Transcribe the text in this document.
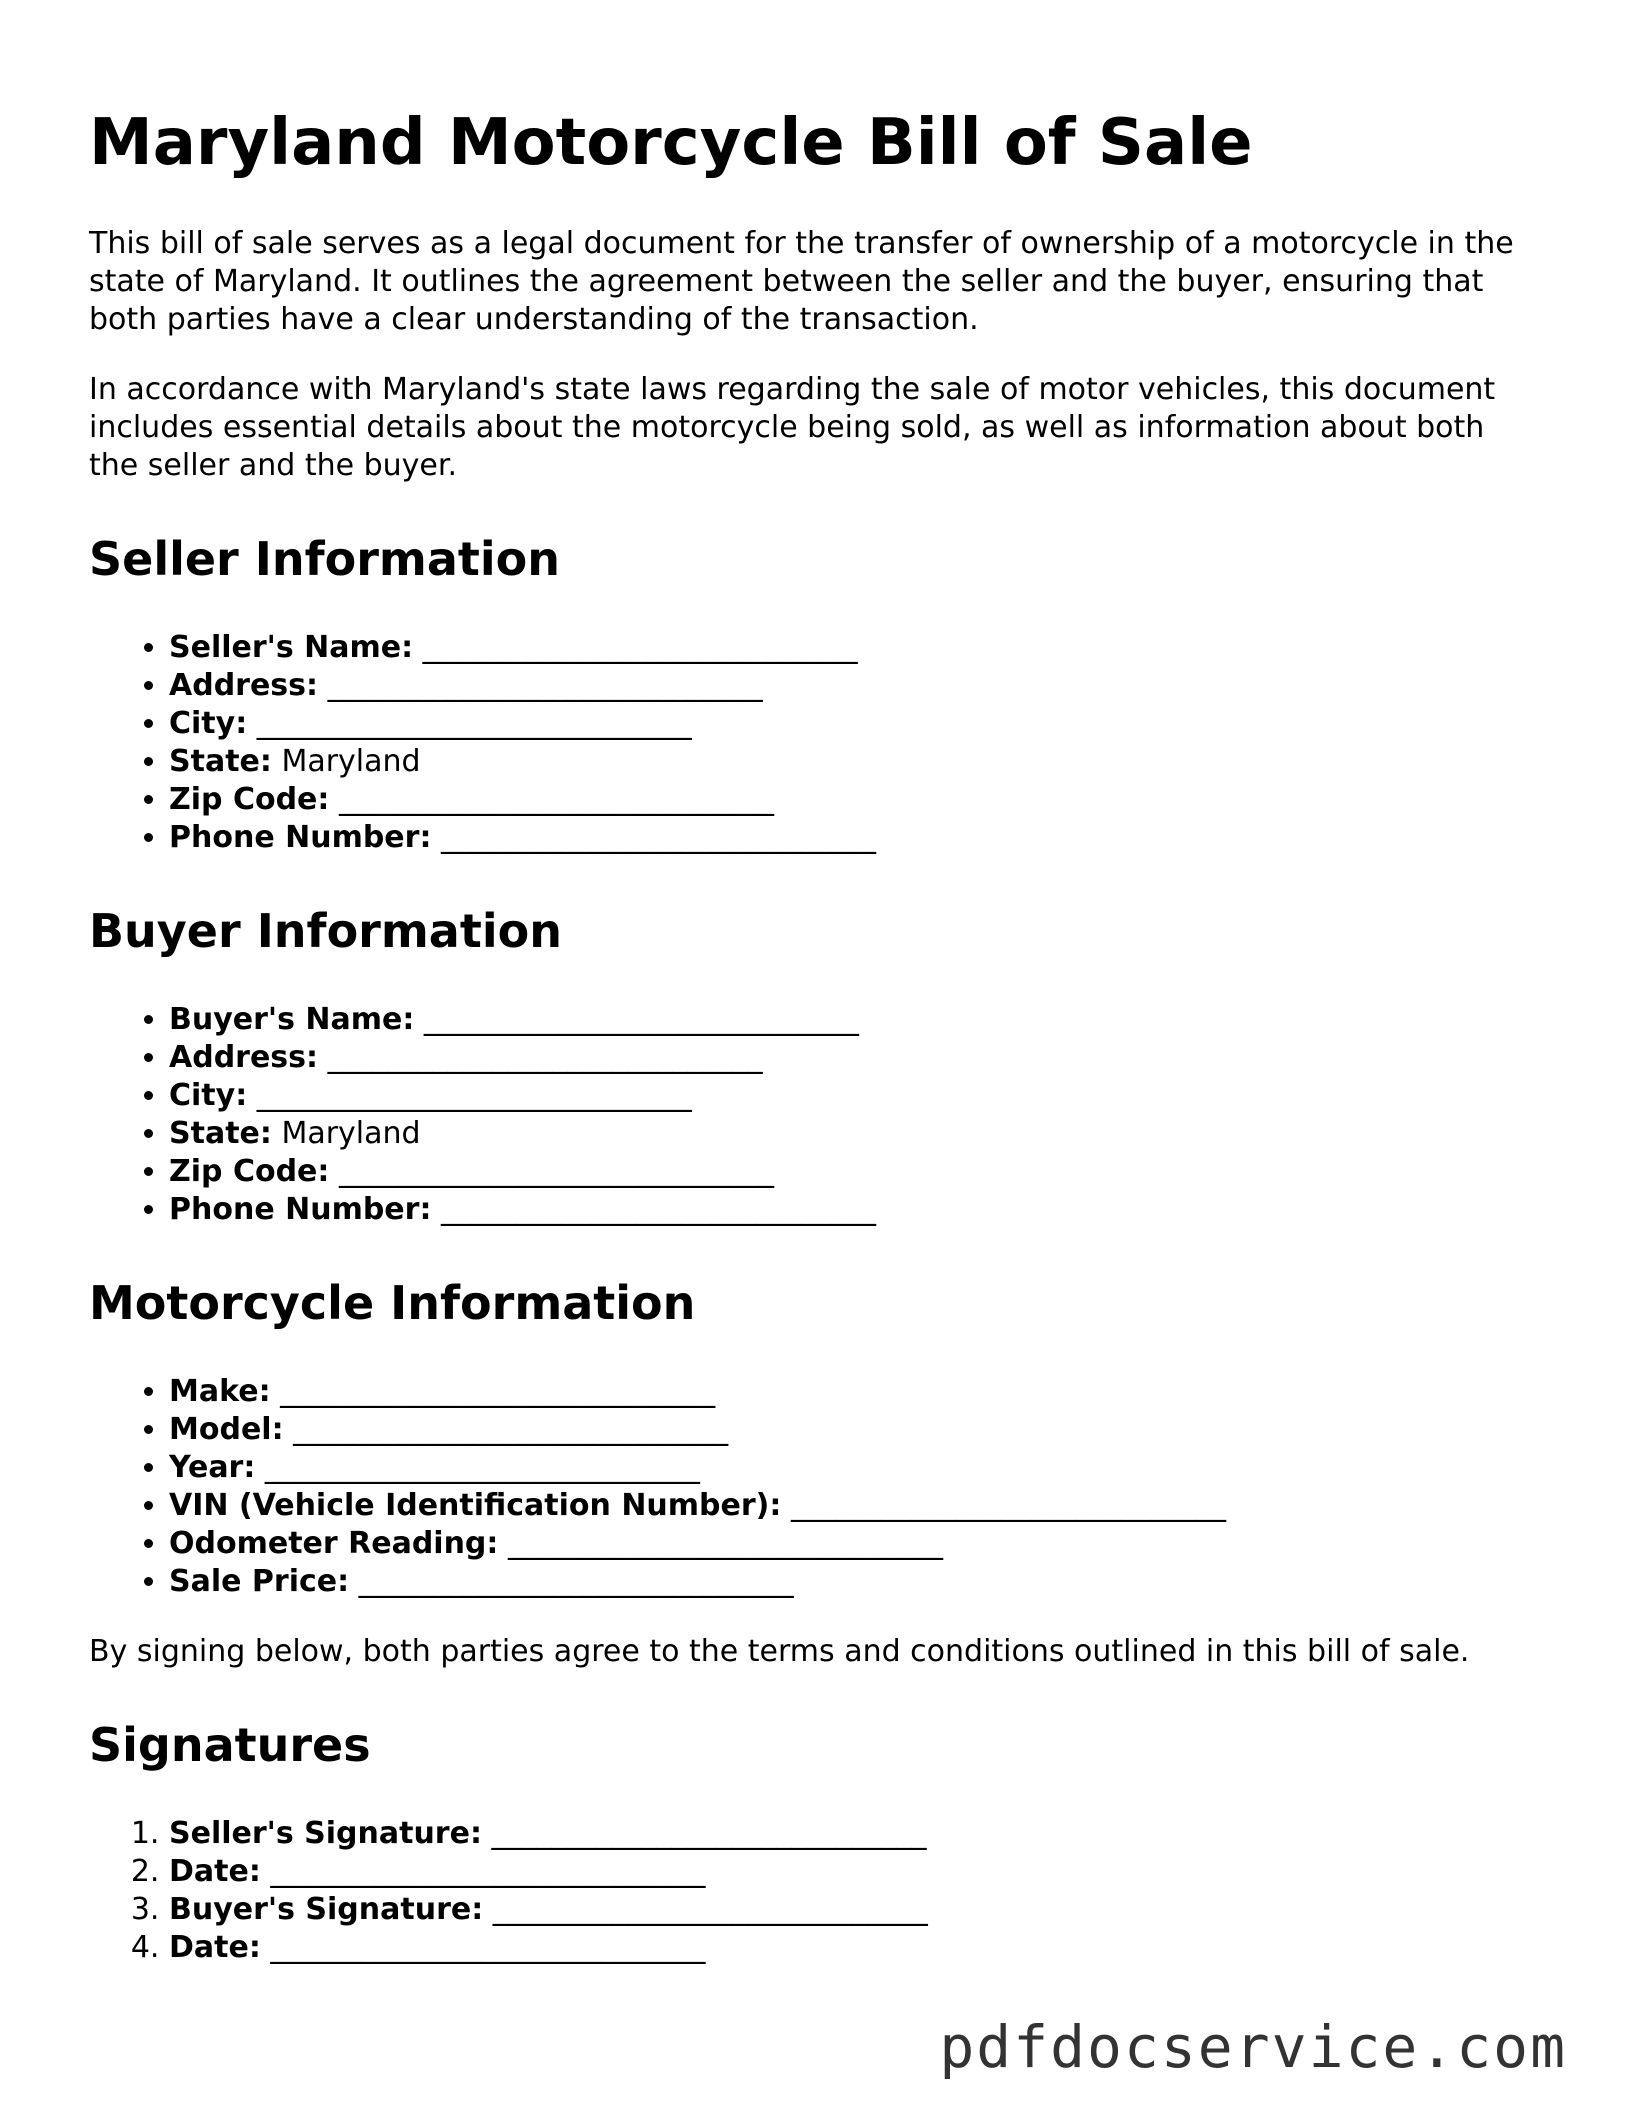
Maryland Motorcycle Bill of Sale

This bill of sale serves as a legal document for the transfer of ownership of a motorcycle in the state of Maryland. It outlines the agreement between the seller and the buyer, ensuring that both parties have a clear understanding of the transaction.

In accordance with Maryland's state laws regarding the sale of motor vehicles, this document includes essential details about the motorcycle being sold, as well as information about both the seller and the buyer.

Seller Information
• Seller's Name: _____________________________
• Address: _____________________________
• City: _____________________________
• State: Maryland
• Zip Code: _____________________________
• Phone Number: _____________________________
Buyer Information
• Buyer's Name: _____________________________
• Address: _____________________________
• City: _____________________________
• State: Maryland
• Zip Code: _____________________________
• Phone Number: _____________________________
Motorcycle Information
• Make: _____________________________
• Model: _____________________________
• Year: _____________________________
• VIN (Vehicle Identification Number): _____________________________
• Odometer Reading: _____________________________
• Sale Price: _____________________________

By signing below, both parties agree to the terms and conditions outlined in this bill of sale.

Signatures
1. Seller's Signature: _____________________________
2. Date: _____________________________
3. Buyer's Signature: _____________________________
4. Date: _____________________________
pdfdocservice.com
